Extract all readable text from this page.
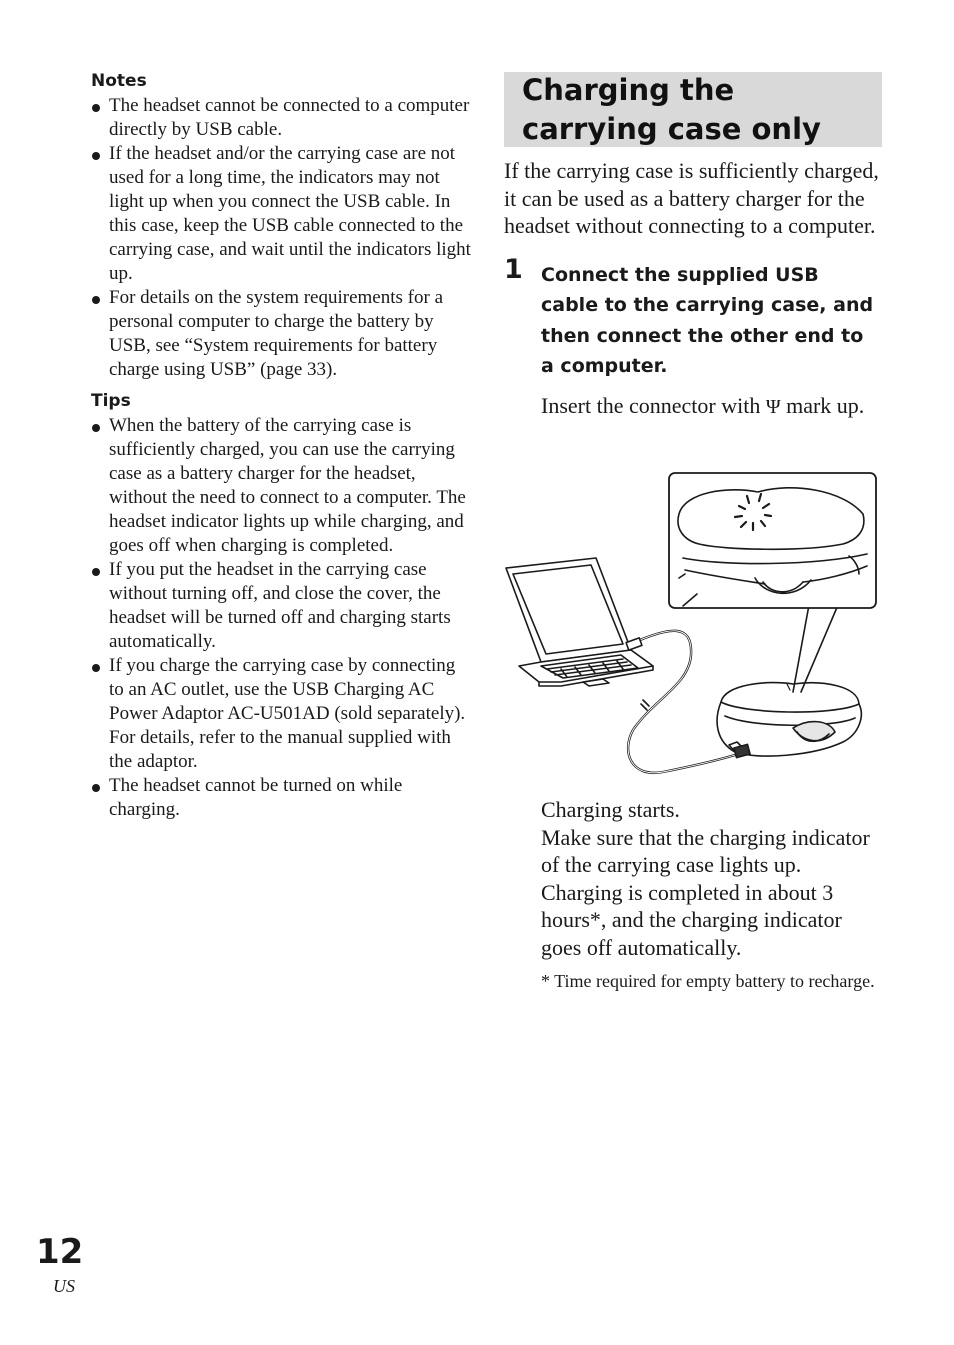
Notes
The headset cannot be connected to a computer directly by USB cable.
If the headset and/or the carrying case are not used for a long time, the indicators may not light up when you connect the USB cable. In this case, keep the USB cable connected to the carrying case, and wait until the indicators light up.
For details on the system requirements for a personal computer to charge the battery by USB, see “System requirements for battery charge using USB” (page 33).
Tips
When the battery of the carrying case is sufficiently charged, you can use the carrying case as a battery charger for the headset, without the need to connect to a computer. The headset indicator lights up while charging, and goes off when charging is completed.
If you put the headset in the carrying case without turning off, and close the cover, the headset will be turned off and charging starts automatically.
If you charge the carrying case by connecting to an AC outlet, use the USB Charging AC Power Adaptor AC-U501AD (sold separately). For details, refer to the manual supplied with the adaptor.
The headset cannot be turned on while charging.
Charging the carrying case only

If the carrying case is sufficiently charged, it can be used as a battery charger for the headset without connecting to a computer.

1 Connect the supplied USB cable to the carrying case, and then connect the other end to a computer.

Insert the connector with Ψ mark up.

Charging starts.

Make sure that the charging indicator of the carrying case lights up.

Charging is completed in about 3 hours*, and the charging indicator goes off automatically.

* Time required for empty battery to recharge.

12
US
